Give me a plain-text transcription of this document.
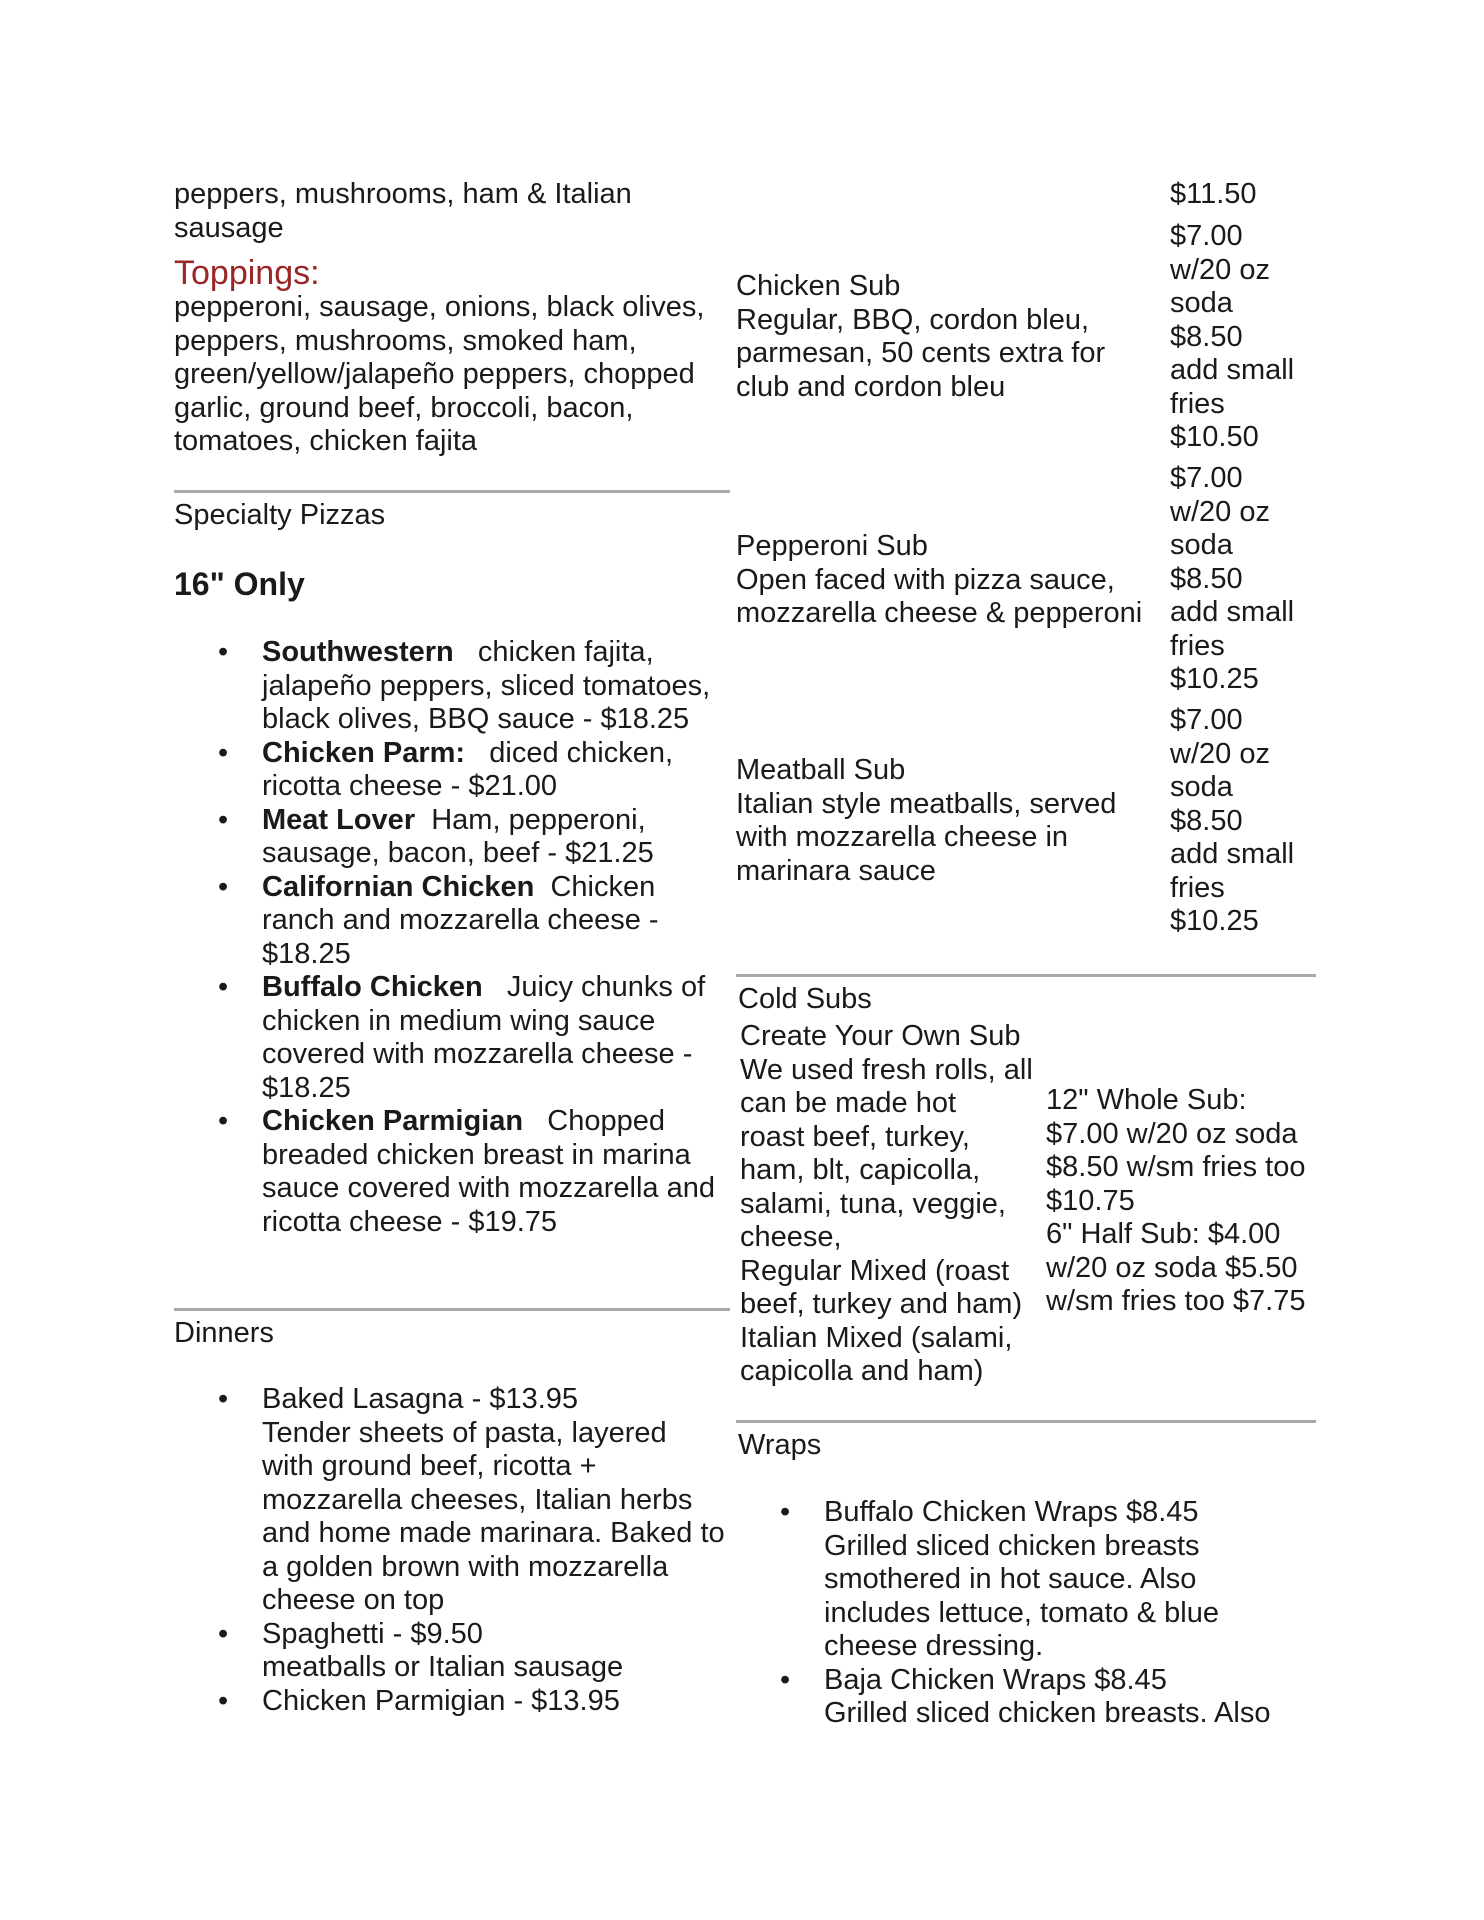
peppers, mushrooms, ham & Italian
sausage
Toppings:
pepperoni, sausage, onions, black olives,
peppers, mushrooms, smoked ham,
green/yellow/jalapeño peppers, chopped
garlic, ground beef, broccoli, bacon,
tomatoes, chicken fajita
Specialty Pizzas
16" Only
• Southwestern chicken fajita,
jalapeño peppers, sliced tomatoes,
black olives, BBQ sauce - $18.25
• Chicken Parm: diced chicken,
ricotta cheese - $21.00
• Meat Lover Ham, pepperoni,
sausage, bacon, beef - $21.25
• Californian Chicken Chicken
ranch and mozzarella cheese -
$18.25
• Buffalo Chicken Juicy chunks of
chicken in medium wing sauce
covered with mozzarella cheese -
$18.25
• Chicken Parmigian Chopped
breaded chicken breast in marina
sauce covered with mozzarella and
ricotta cheese - $19.75
Dinners
• Baked Lasagna - $13.95
Tender sheets of pasta, layered
with ground beef, ricotta +
mozzarella cheeses, Italian herbs
and home made marinara. Baked to
a golden brown with mozzarella
cheese on top
• Spaghetti - $9.50
meatballs or Italian sausage
• Chicken Parmigian - $13.95
$11.50
Chicken Sub
Regular, BBQ, cordon bleu,
parmesan, 50 cents extra for
club and cordon bleu
$7.00
w/20 oz
soda
$8.50
add small
fries
$10.50
Pepperoni Sub
Open faced with pizza sauce,
mozzarella cheese & pepperoni
$7.00
w/20 oz
soda
$8.50
add small
fries
$10.25
Meatball Sub
Italian style meatballs, served
with mozzarella cheese in
marinara sauce
$7.00
w/20 oz
soda
$8.50
add small
fries
$10.25
Cold Subs
Create Your Own Sub
We used fresh rolls, all
can be made hot
roast beef, turkey,
ham, blt, capicolla,
salami, tuna, veggie,
cheese,
Regular Mixed (roast
beef, turkey and ham)
Italian Mixed (salami,
capicolla and ham)
12" Whole Sub:
$7.00 w/20 oz soda
$8.50 w/sm fries too
$10.75
6" Half Sub: $4.00
w/20 oz soda $5.50
w/sm fries too $7.75
Wraps
• Buffalo Chicken Wraps $8.45
Grilled sliced chicken breasts
smothered in hot sauce. Also
includes lettuce, tomato & blue
cheese dressing.
• Baja Chicken Wraps $8.45
Grilled sliced chicken breasts. Also
